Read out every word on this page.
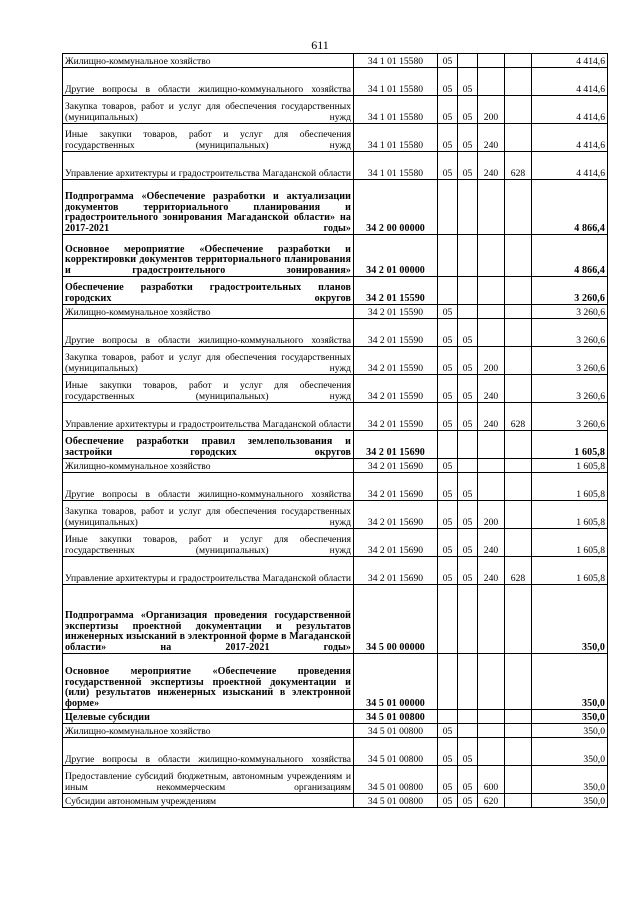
611
Жилищно-коммунальное хозяйство	34 1 01 15580	05				4 414,6
Другие вопросы в области жилищно-коммунального хозяйства	34 1 01 15580	05	05			4 414,6
Закупка товаров, работ и услуг для обеспечения государственных (муниципальных) нужд	34 1 01 15580	05	05	200		4 414,6
Иные закупки товаров, работ и услуг для обеспечения государственных (муниципальных) нужд	34 1 01 15580	05	05	240		4 414,6
Управление архитектуры и градостроительства Магаданской области	34 1 01 15580	05	05	240	628	4 414,6
Подпрограмма «Обеспечение разработки и актуализации документов территориального планирования и градостроительного зонирования Магаданской области» на 2017-2021 годы»	34 2 00 00000					4 866,4
Основное мероприятие «Обеспечение разработки и корректировки документов территориального планирования и градостроительного зонирования»	34 2 01 00000					4 866,4
Обеспечение разработки градостроительных планов городских округов	34 2 01 15590					3 260,6
Жилищно-коммунальное хозяйство	34 2 01 15590	05				3 260,6
Другие вопросы в области жилищно-коммунального хозяйства	34 2 01 15590	05	05			3 260,6
Закупка товаров, работ и услуг для обеспечения государственных (муниципальных) нужд	34 2 01 15590	05	05	200		3 260,6
Иные закупки товаров, работ и услуг для обеспечения государственных (муниципальных) нужд	34 2 01 15590	05	05	240		3 260,6
Управление архитектуры и градостроительства Магаданской области	34 2 01 15590	05	05	240	628	3 260,6
Обеспечение разработки правил землепользования и застройки городских округов	34 2 01 15690					1 605,8
Жилищно-коммунальное хозяйство	34 2 01 15690	05				1 605,8
Другие вопросы в области жилищно-коммунального хозяйства	34 2 01 15690	05	05			1 605,8
Закупка товаров, работ и услуг для обеспечения государственных (муниципальных) нужд	34 2 01 15690	05	05	200		1 605,8
Иные закупки товаров, работ и услуг для обеспечения государственных (муниципальных) нужд	34 2 01 15690	05	05	240		1 605,8
Управление архитектуры и градостроительства Магаданской области	34 2 01 15690	05	05	240	628	1 605,8
Подпрограмма «Организация проведения государственной экспертизы проектной документации и результатов инженерных изысканий в электронной форме в Магаданской области» на 2017-2021 годы»	34 5 00 00000					350,0
Основное мероприятие «Обеспечение проведения государственной экспертизы проектной документации и (или) результатов инженерных изысканий в электронной форме»	34 5 01 00000					350,0
Целевые субсидии	34 5 01 00800					350,0
Жилищно-коммунальное хозяйство	34 5 01 00800	05				350,0
Другие вопросы в области жилищно-коммунального хозяйства	34 5 01 00800	05	05			350,0
Предоставление субсидий бюджетным, автономным учреждениям и иным некоммерческим организациям	34 5 01 00800	05	05	600		350,0
Субсидии автономным учреждениям	34 5 01 00800	05	05	620		350,0
